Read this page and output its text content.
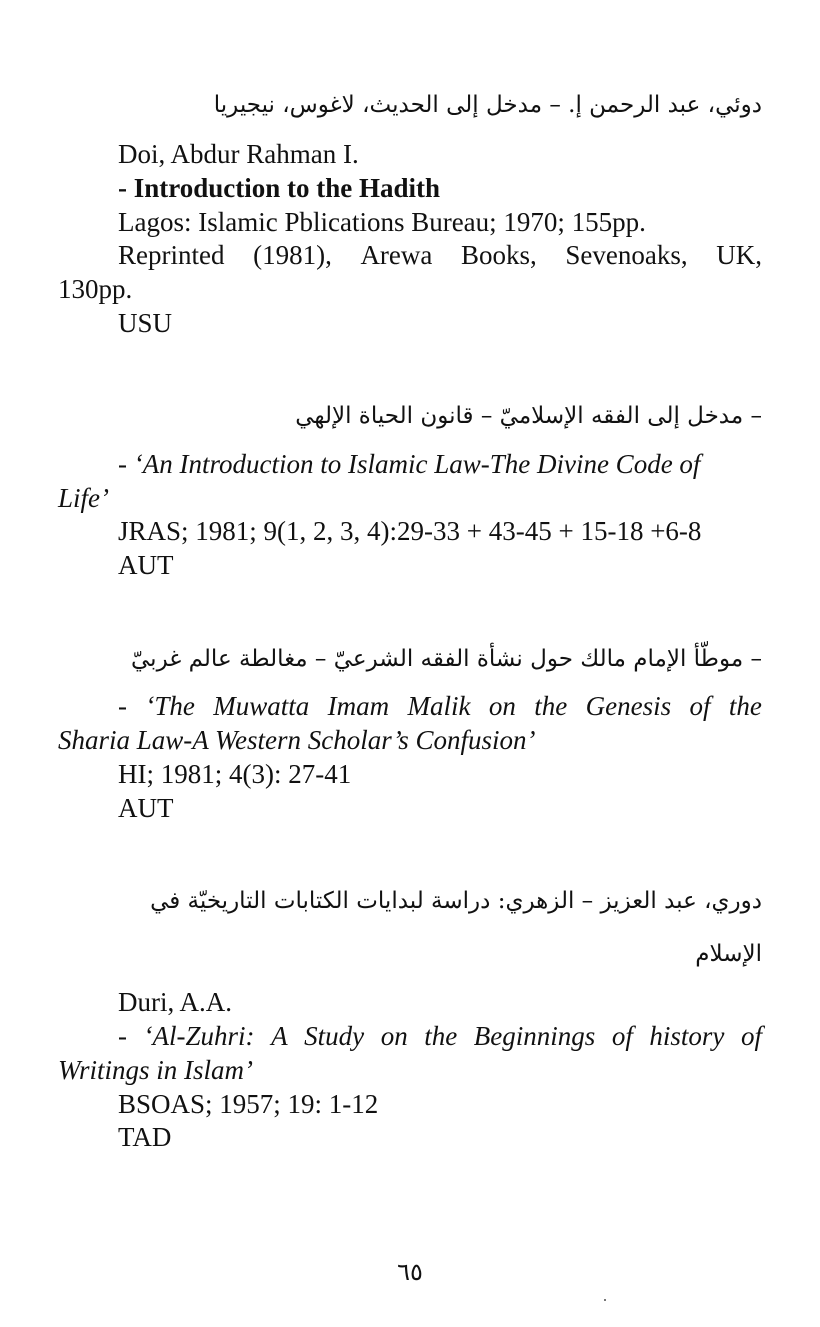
دوئي، عبد الرحمن إ. – مدخل إلى الحديث، لاغوس، نيجيريا
Doi, Abdur Rahman I.
- Introduction to the Hadith
Lagos: Islamic Pblications Bureau; 1970; 155pp.
Reprinted (1981), Arewa Books, Sevenoaks, UK,
130pp.
USU
– مدخل إلى الفقه الإسلاميّ – قانون الحياة الإلهي
- ‘An Introduction to Islamic Law-The Divine Code of
Life’
JRAS; 1981; 9(1, 2, 3, 4):29-33 + 43-45 + 15-18 +6-8
AUT
– موطّأ الإمام مالك حول نشأة الفقه الشرعيّ – مغالطة عالم غربيّ
- ‘The Muwatta Imam Malik on the Genesis of the
Sharia Law-A Western Scholar’s Confusion’
HI; 1981; 4(3): 27-41
AUT
دوري، عبد العزيز – الزهري: دراسة لبدايات الكتابات التاريخيّة في
الإسلام
Duri, A.A.
- ‘Al-Zuhri: A Study on the Beginnings of history of
Writings in Islam’
BSOAS; 1957; 19: 1-12
TAD
٦٥
